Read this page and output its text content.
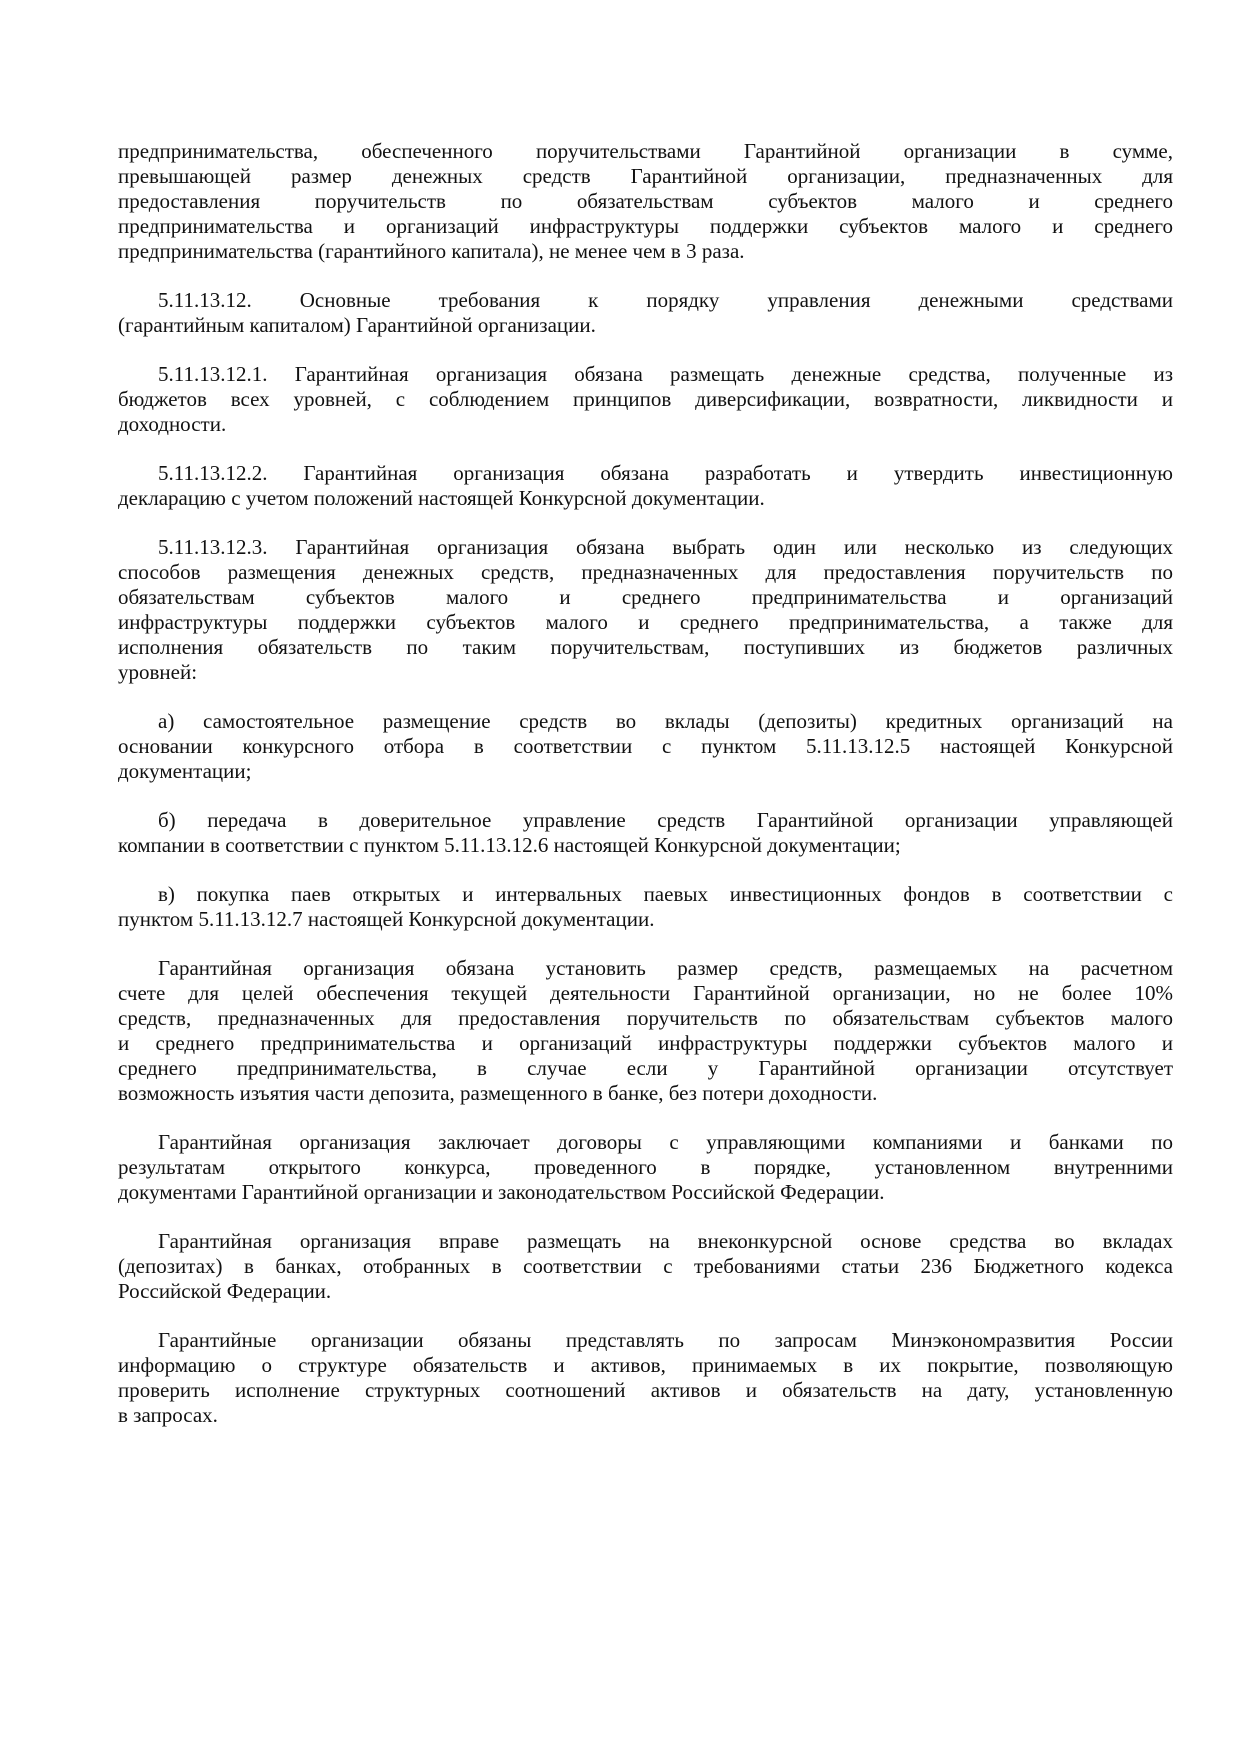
предпринимательства, обеспеченного поручительствами Гарантийной организации в сумме,
превышающей размер денежных средств Гарантийной организации, предназначенных для
предоставления поручительств по обязательствам субъектов малого и среднего
предпринимательства и организаций инфраструктуры поддержки субъектов малого и среднего
предпринимательства (гарантийного капитала), не менее чем в 3 раза.
5.11.13.12. Основные требования к порядку управления денежными средствами
(гарантийным капиталом) Гарантийной организации.
5.11.13.12.1. Гарантийная организация обязана размещать денежные средства, полученные из
бюджетов всех уровней, с соблюдением принципов диверсификации, возвратности, ликвидности и
доходности.
5.11.13.12.2. Гарантийная организация обязана разработать и утвердить инвестиционную
декларацию с учетом положений настоящей Конкурсной документации.
5.11.13.12.3. Гарантийная организация обязана выбрать один или несколько из следующих
способов размещения денежных средств, предназначенных для предоставления поручительств по
обязательствам субъектов малого и среднего предпринимательства и организаций
инфраструктуры поддержки субъектов малого и среднего предпринимательства, а также для
исполнения обязательств по таким поручительствам, поступивших из бюджетов различных
уровней:
а) самостоятельное размещение средств во вклады (депозиты) кредитных организаций на
основании конкурсного отбора в соответствии с пунктом 5.11.13.12.5 настоящей Конкурсной
документации;
б) передача в доверительное управление средств Гарантийной организации управляющей
компании в соответствии с пунктом 5.11.13.12.6 настоящей Конкурсной документации;
в) покупка паев открытых и интервальных паевых инвестиционных фондов в соответствии с
пунктом 5.11.13.12.7 настоящей Конкурсной документации.
Гарантийная организация обязана установить размер средств, размещаемых на расчетном
счете для целей обеспечения текущей деятельности Гарантийной организации, но не более 10%
средств, предназначенных для предоставления поручительств по обязательствам субъектов малого
и среднего предпринимательства и организаций инфраструктуры поддержки субъектов малого и
среднего предпринимательства, в случае если у Гарантийной организации отсутствует
возможность изъятия части депозита, размещенного в банке, без потери доходности.
Гарантийная организация заключает договоры с управляющими компаниями и банками по
результатам открытого конкурса, проведенного в порядке, установленном внутренними
документами Гарантийной организации и законодательством Российской Федерации.
Гарантийная организация вправе размещать на внеконкурсной основе средства во вкладах
(депозитах) в банках, отобранных в соответствии с требованиями статьи 236 Бюджетного кодекса
Российской Федерации.
Гарантийные организации обязаны представлять по запросам Минэкономразвития России
информацию о структуре обязательств и активов, принимаемых в их покрытие, позволяющую
проверить исполнение структурных соотношений активов и обязательств на дату, установленную
в запросах.
